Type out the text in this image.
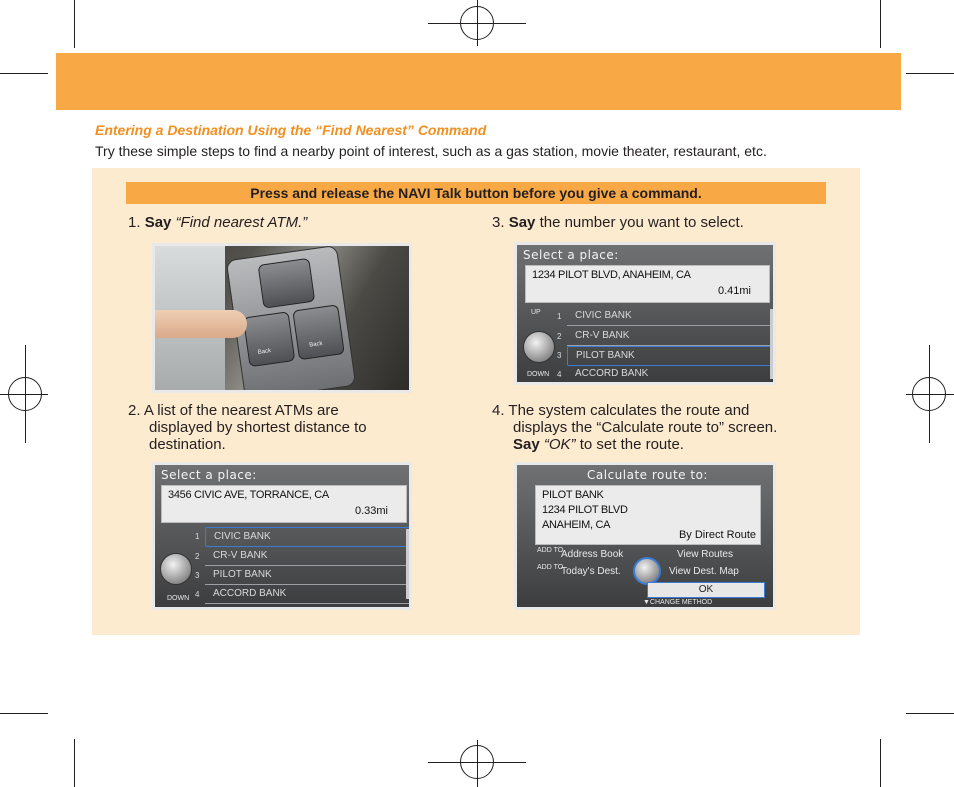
Entering a Destination Using the “Find Nearest” Command
Try these simple steps to find a nearby point of interest, such as a gas station, movie theater, restaurant, etc.
Press and release the NAVI Talk button before you give a command.
1. Say “Find nearest ATM.”
Back
Back
2. A list of the nearest ATMs are
displayed by shortest distance to
destination.
Select a place:
3456 CIVIC AVE, TORRANCE, CA
0.33mi
CIVIC BANK
CR-V BANK
PILOT BANK
ACCORD BANK
1
2
3
4
DOWN
3. Say the number you want to select.
Select a place:
1234 PILOT BLVD, ANAHEIM, CA
0.41mi
CIVIC BANK
CR-V BANK
PILOT BANK
ACCORD BANK
1
2
3
4
UP
DOWN
4. The system calculates the route and
displays the “Calculate route to” screen.
Say “OK” to set the route.
Calculate route to:
PILOT BANK
1234 PILOT BLVD
ANAHEIM, CA
By Direct Route
ADD TO
Address Book
ADD TO
Today's Dest.
View Routes
View Dest. Map
OK
▼CHANGE METHOD
